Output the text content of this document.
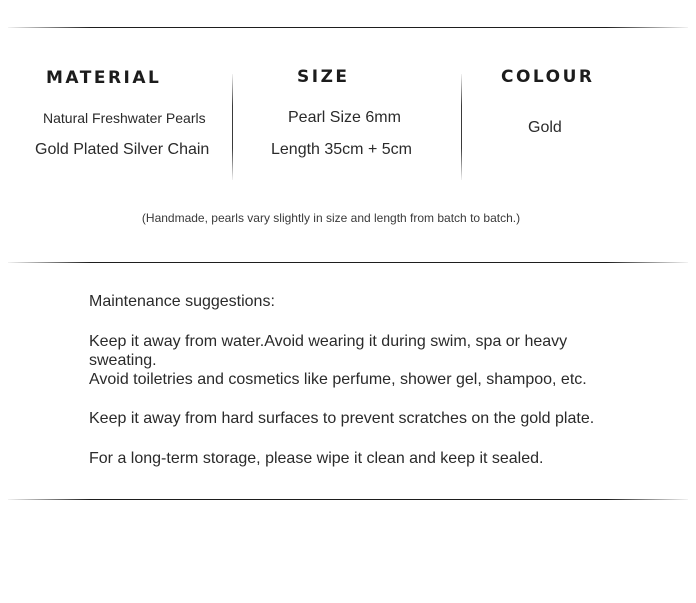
MATERIAL	SIZE	COLOUR
Natural Freshwater Pearls
Gold Plated Silver Chain
Pearl Size 6mm
Length 35cm + 5cm
Gold
(Handmade, pearls vary slightly in size and length from batch to batch.)
Maintenance suggestions:
Keep it away from water.Avoid wearing it during swim, spa or heavy sweating.
Avoid toiletries and cosmetics like perfume, shower gel, shampoo, etc.
Keep it away from hard surfaces to prevent scratches on the gold plate.
For a long-term storage, please wipe it clean and keep it sealed.
